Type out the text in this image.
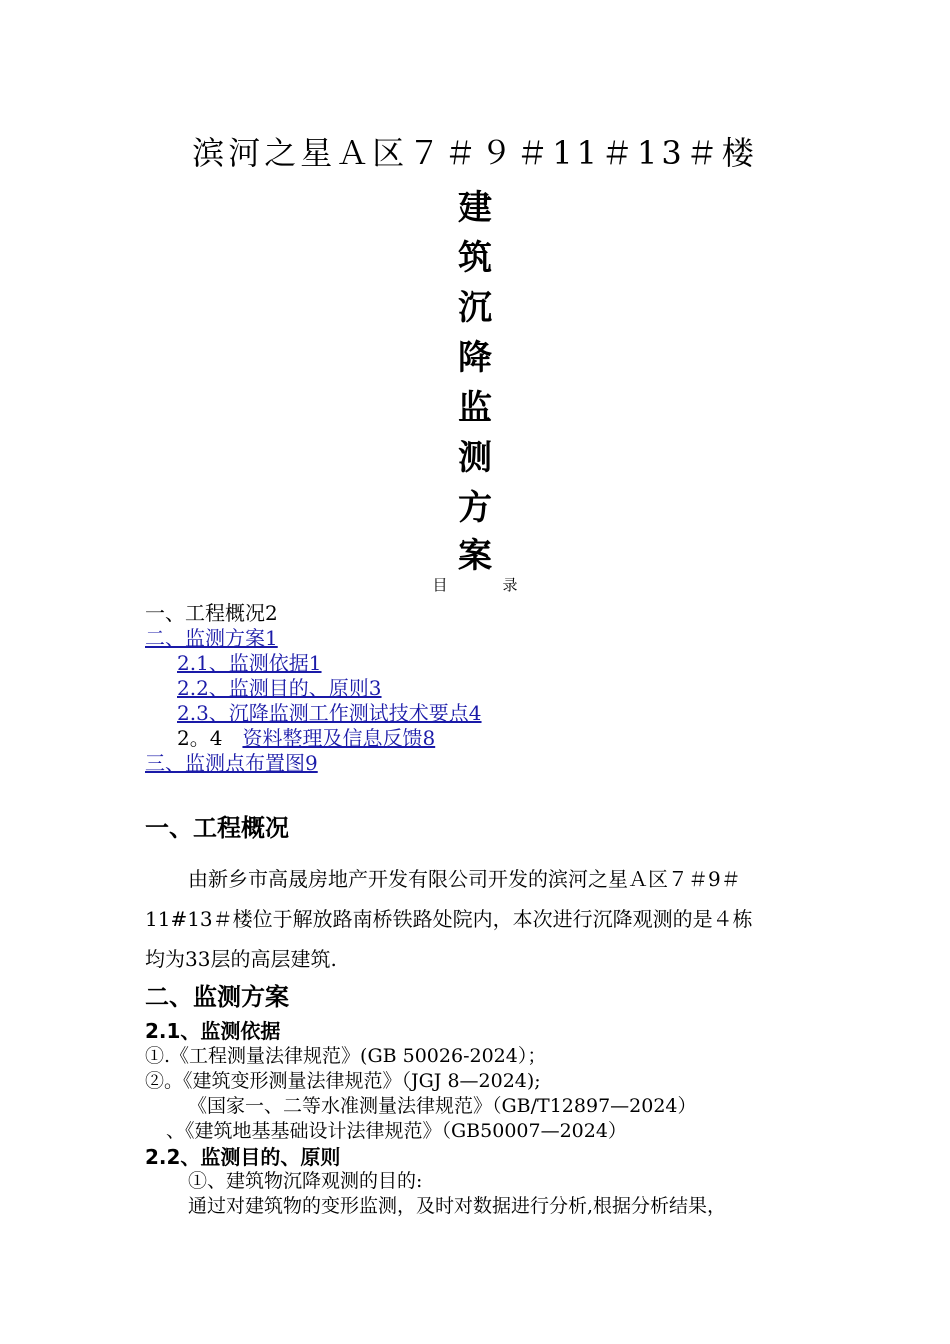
滨河之星Ａ区７＃９＃11＃13＃楼
建
筑
沉
降
监
测
方
案
目	录
一、工程概况2
二、监测方案1
2.1、监测依据1
2.2、监测目的、原则3
2.3、沉降监测工作测试技术要点4
2。4　资料整理及信息反馈8
三、监测点布置图9
一、工程概况
由新乡市高晟房地产开发有限公司开发的滨河之星Ａ区７＃9＃
11#13＃楼位于解放路南桥铁路处院内，本次进行沉降观测的是４栋
均为33层的高层建筑.
二、监测方案
2.1、监测依据
①.《工程测量法律规范》(GB 50026-2024）；
②。《建筑变形测量法律规范》（JGJ 8—2024);
《国家一、二等水准测量法律规范》（GB/T12897—2024）
、《建筑地基基础设计法律规范》（GB50007—2024）
2.2、监测目的、原则
①、建筑物沉降观测的目的:
通过对建筑物的变形监测，及时对数据进行分析,根据分析结果，
